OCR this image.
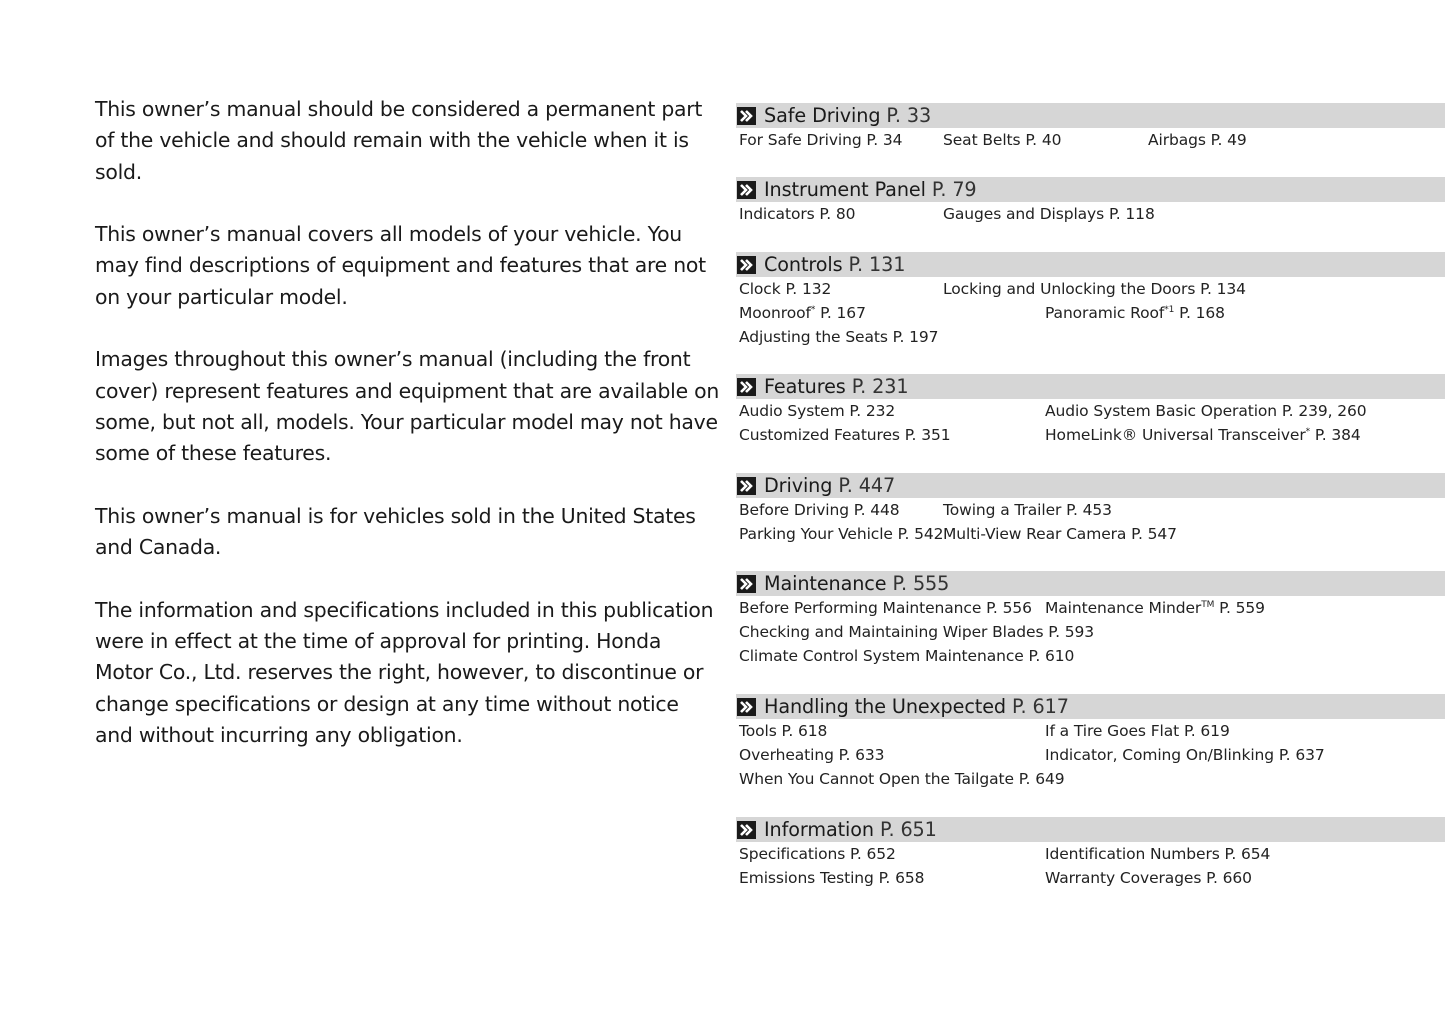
This owner’s manual should be considered a permanent part of the vehicle and should remain with the vehicle when it is sold.

This owner’s manual covers all models of your vehicle. You may find descriptions of equipment and features that are not on your particular model.

Images throughout this owner’s manual (including the front cover) represent features and equipment that are available on some, but not all, models. Your particular model may not have some of these features.

This owner’s manual is for vehicles sold in the United States and Canada.

The information and specifications included in this publication were in effect at the time of approval for printing. Honda Motor Co., Ltd. reserves the right, however, to discontinue or change specifications or design at any time without notice and without incurring any obligation.

Safe Driving P. 33
For Safe Driving P. 34	Seat Belts P. 40	Airbags P. 49
Instrument Panel P. 79
Indicators P. 80	Gauges and Displays P. 118
Controls P. 131
Clock P. 132	Locking and Unlocking the Doors P. 134
Moonroof* P. 167	Panoramic Roof$^{*1}$ P. 168
Adjusting the Seats P. 197
Features P. 231
Audio System P. 232	Audio System Basic Operation P. 239, 260
Customized Features P. 351	HomeLink® Universal Transceiver* P. 384
Driving P. 447
Before Driving P. 448	Towing a Trailer P. 453
Parking Your Vehicle P. 542 Multi-View Rear Camera P. 547
Maintenance P. 555
Before Performing Maintenance P. 556 Maintenance Minder™ P. 559
Checking and Maintaining Wiper Blades P. 593
Climate Control System Maintenance P. 610
Handling the Unexpected P. 617
Tools P. 618	If a Tire Goes Flat P. 619
Overheating P. 633	Indicator, Coming On/Blinking P. 637
When You Cannot Open the Tailgate P. 649
Information P. 651
Specifications P. 652	Identification Numbers P. 654
Emissions Testing P. 658	Warranty Coverages P. 660
